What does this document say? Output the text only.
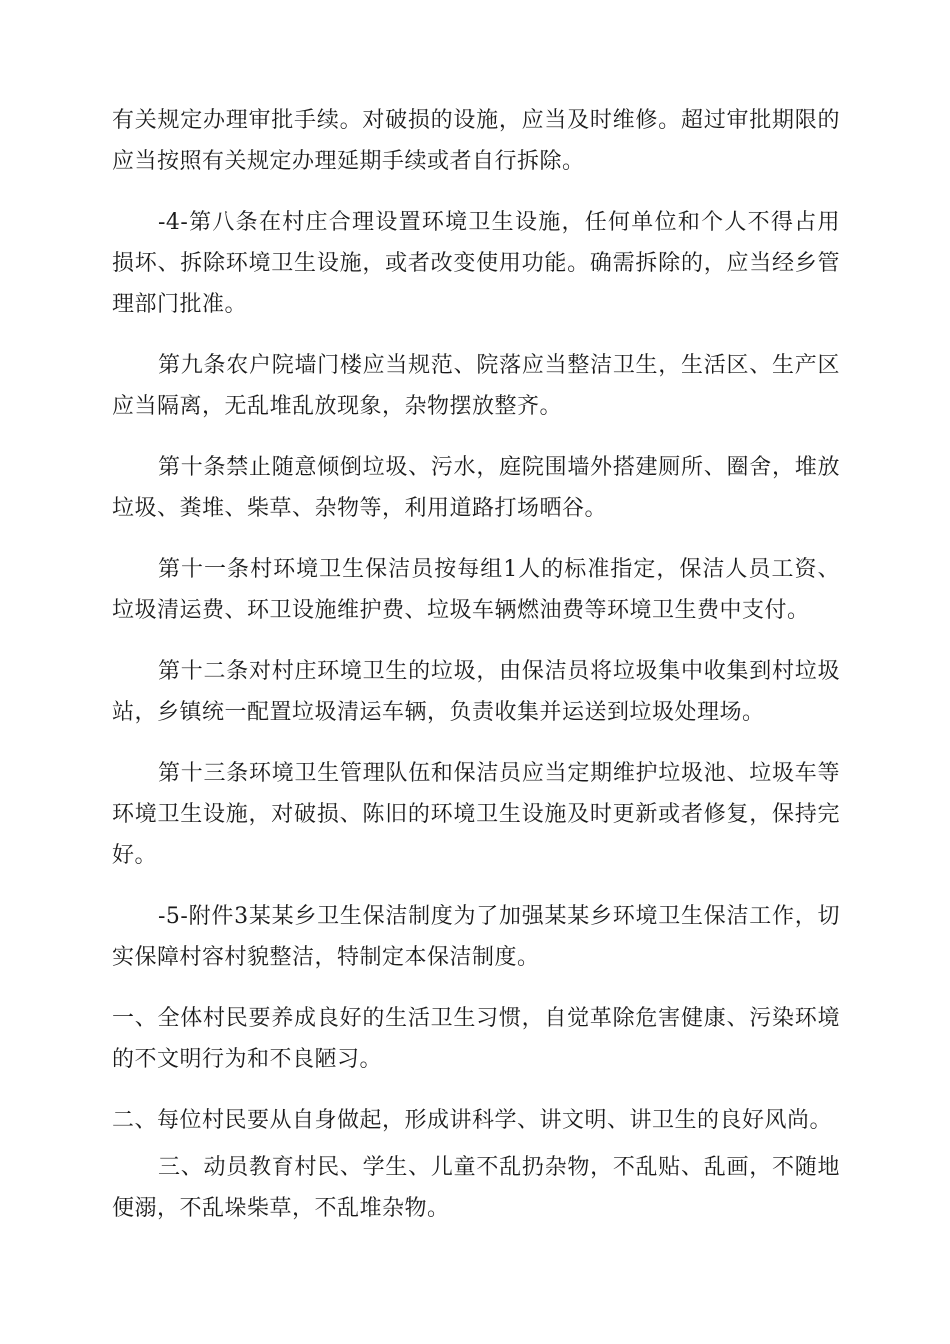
有关规定办理审批手续。对破损的设施，应当及时维修。超过审批期限的应当按照有关规定办理延期手续或者自行拆除。

-4-第八条在村庄合理设置环境卫生设施，任何单位和个人不得占用损坏、拆除环境卫生设施，或者改变使用功能。确需拆除的，应当经乡管理部门批准。

第九条农户院墙门楼应当规范、院落应当整洁卫生，生活区、生产区应当隔离，无乱堆乱放现象，杂物摆放整齐。

第十条禁止随意倾倒垃圾、污水，庭院围墙外搭建厕所、圈舍，堆放垃圾、粪堆、柴草、杂物等，利用道路打场晒谷。

第十一条村环境卫生保洁员按每组1人的标准指定，保洁人员工资、垃圾清运费、环卫设施维护费、垃圾车辆燃油费等环境卫生费中支付。

第十二条对村庄环境卫生的垃圾，由保洁员将垃圾集中收集到村垃圾站，乡镇统一配置垃圾清运车辆，负责收集并运送到垃圾处理场。

第十三条环境卫生管理队伍和保洁员应当定期维护垃圾池、垃圾车等环境卫生设施，对破损、陈旧的环境卫生设施及时更新或者修复，保持完好。

-5-附件3某某乡卫生保洁制度为了加强某某乡环境卫生保洁工作，切实保障村容村貌整洁，特制定本保洁制度。

一、全体村民要养成良好的生活卫生习惯，自觉革除危害健康、污染环境的不文明行为和不良陋习。

二、每位村民要从自身做起，形成讲科学、讲文明、讲卫生的良好风尚。

三、动员教育村民、学生、儿童不乱扔杂物，不乱贴、乱画，不随地便溺，不乱垛柴草，不乱堆杂物。
